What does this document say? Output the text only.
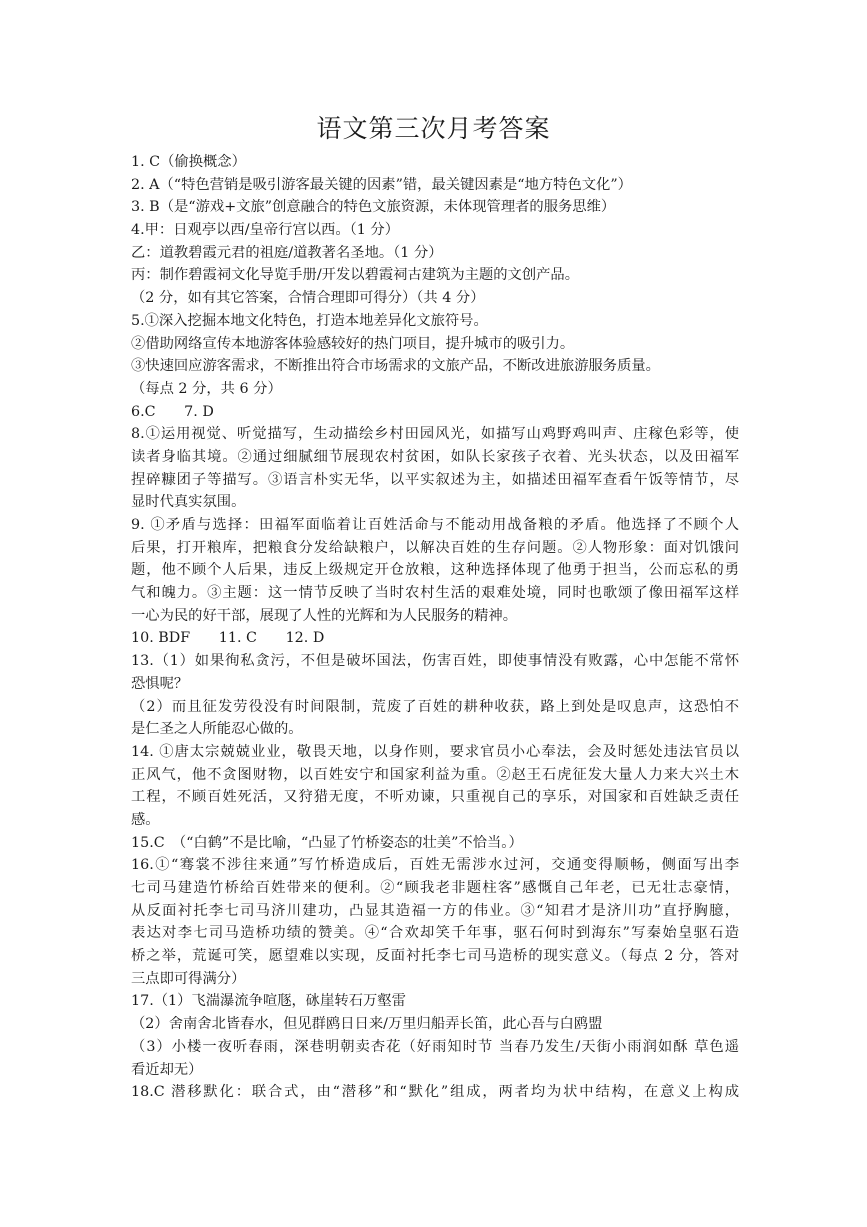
语文第三次月考答案
1. C（偷换概念）
2. A（“特色营销是吸引游客最关键的因素”错，最关键因素是“地方特色文化”）
3. B（是“游戏+文旅”创意融合的特色文旅资源，未体现管理者的服务思维）
4.甲：日观亭以西/皇帝行宫以西。（1 分）
乙：道教碧霞元君的祖庭/道教著名圣地。（1 分）
丙：制作碧霞祠文化导览手册/开发以碧霞祠古建筑为主题的文创产品。
（2 分，如有其它答案，合情合理即可得分）（共 4 分）
5.①深入挖掘本地文化特色，打造本地差异化文旅符号。
②借助网络宣传本地游客体验感较好的热门项目，提升城市的吸引力。
③快速回应游客需求，不断推出符合市场需求的文旅产品，不断改进旅游服务质量。
（每点 2 分，共 6 分）
6.C　　7. D
8.①运用视觉、听觉描写，生动描绘乡村田园风光，如描写山鸡野鸡叫声、庄稼色彩等，使
读者身临其境。②通过细腻细节展现农村贫困，如队长家孩子衣着、光头状态，以及田福军
捏碎糠团子等描写。③语言朴实无华，以平实叙述为主，如描述田福军查看午饭等情节，尽
显时代真实氛围。
9. ①矛盾与选择：田福军面临着让百姓活命与不能动用战备粮的矛盾。他选择了不顾个人
后果，打开粮库，把粮食分发给缺粮户，以解决百姓的生存问题。②人物形象：面对饥饿问
题，他不顾个人后果，违反上级规定开仓放粮，这种选择体现了他勇于担当，公而忘私的勇
气和魄力。③主题：这一情节反映了当时农村生活的艰难处境，同时也歌颂了像田福军这样
一心为民的好干部，展现了人性的光辉和为人民服务的精神。
10. BDF　　11. C　　12. D
13.（1）如果徇私贪污，不但是破坏国法，伤害百姓，即使事情没有败露，心中怎能不常怀
恐惧呢？
（2）而且征发劳役没有时间限制，荒废了百姓的耕种收获，路上到处是叹息声，这恐怕不
是仁圣之人所能忍心做的。
14. ①唐太宗兢兢业业，敬畏天地，以身作则，要求官员小心奉法，会及时惩处违法官员以
正风气，他不贪图财物，以百姓安宁和国家利益为重。②赵王石虎征发大量人力来大兴土木
工程，不顾百姓死活，又狩猎无度，不听劝谏，只重视自己的享乐，对国家和百姓缺乏责任
感。
15.C　（“白鹤”不是比喻，“凸显了竹桥姿态的壮美”不恰当。）
16.①“骞裳不涉往来通”写竹桥造成后，百姓无需涉水过河，交通变得顺畅，侧面写出李
七司马建造竹桥给百姓带来的便利。②“顾我老非题柱客”感慨自己年老，已无壮志豪情，
从反面衬托李七司马济川建功，凸显其造福一方的伟业。③“知君才是济川功”直抒胸臆，
表达对李七司马造桥功绩的赞美。④“合欢却笑千年事，驱石何时到海东”写秦始皇驱石造
桥之举，荒诞可笑，愿望难以实现，反面衬托李七司马造桥的现实意义。（每点 2 分，答对
三点即可得满分）
17.（1）飞湍瀑流争喧豗，砯崖转石万壑雷
（2）舍南舍北皆春水，但见群鸥日日来/万里归船弄长笛，此心吾与白鸥盟
（3）小楼一夜听春雨，深巷明朝卖杏花（好雨知时节 当春乃发生/天街小雨润如酥 草色遥
看近却无）
18.C 潜移默化：联合式，由“潜移”和“默化”组成，两者均为状中结构，在意义上构成
